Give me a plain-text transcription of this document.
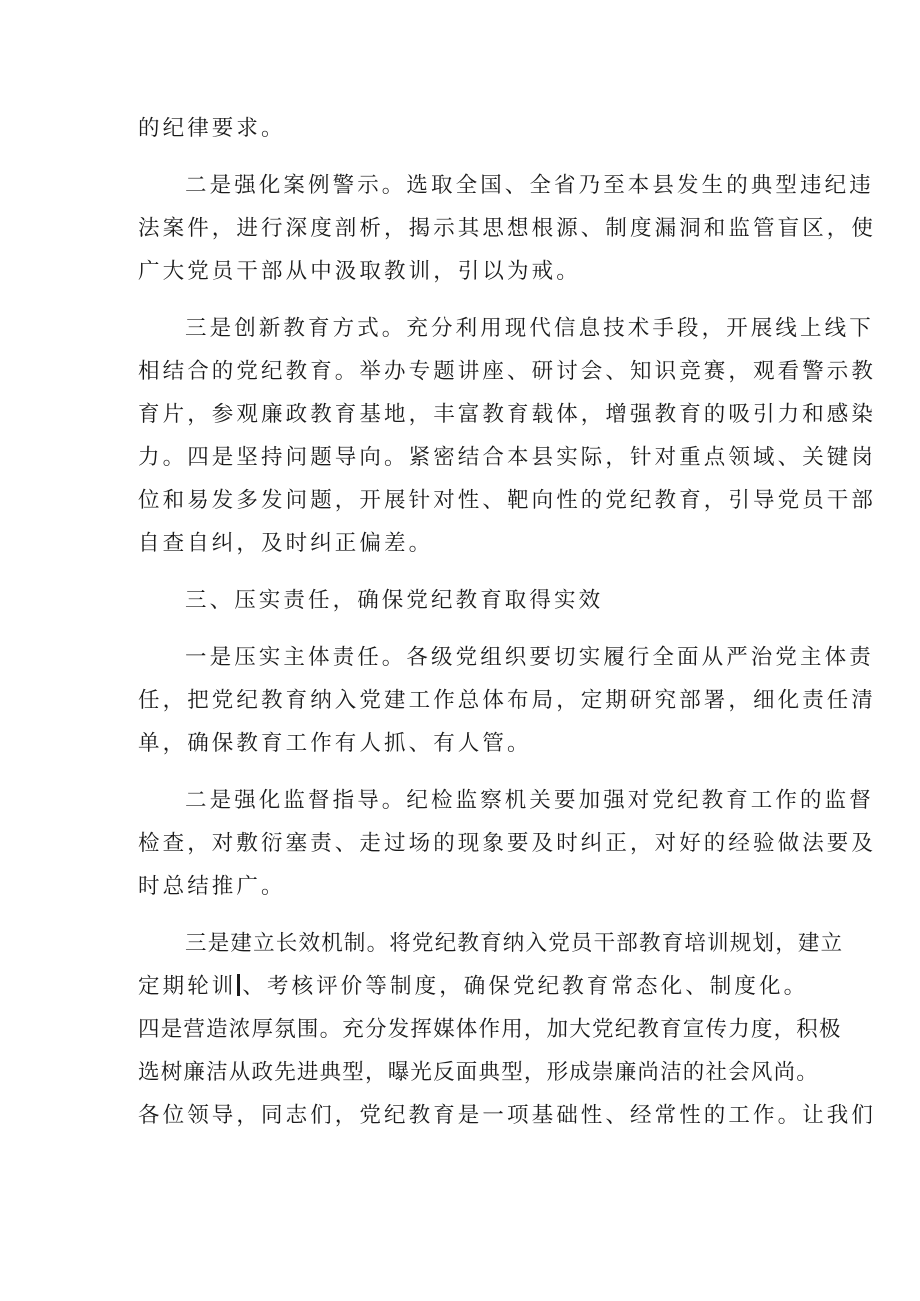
的纪律要求。
二是强化案例警示。选取全国、全省乃至本县发生的典型违纪违
法案件，进行深度剖析，揭示其思想根源、制度漏洞和监管盲区，使
广大党员干部从中汲取教训，引以为戒。
三是创新教育方式。充分利用现代信息技术手段，开展线上线下
相结合的党纪教育。举办专题讲座、研讨会、知识竞赛，观看警示教
育片，参观廉政教育基地，丰富教育载体，增强教育的吸引力和感染
力。四是坚持问题导向。紧密结合本县实际，针对重点领域、关键岗
位和易发多发问题，开展针对性、靶向性的党纪教育，引导党员干部
自查自纠，及时纠正偏差。
三、压实责任，确保党纪教育取得实效
一是压实主体责任。各级党组织要切实履行全面从严治党主体责
任，把党纪教育纳入党建工作总体布局，定期研究部署，细化责任清
单，确保教育工作有人抓、有人管。
二是强化监督指导。纪检监察机关要加强对党纪教育工作的监督
检查，对敷衍塞责、走过场的现象要及时纠正，对好的经验做法要及
时总结推广。
三是建立长效机制。将党纪教育纳入党员干部教育培训规划，建立
定期轮训 、考核评价等制度，确保党纪教育常态化、制度化。
四是营造浓厚氛围。充分发挥媒体作用，加大党纪教育宣传力度，积极
选树廉洁从政先进典型，曝光反面典型，形成崇廉尚洁的社会风尚。
各位领导，同志们，党纪教育是一项基础性、经常性的工作。让我们
